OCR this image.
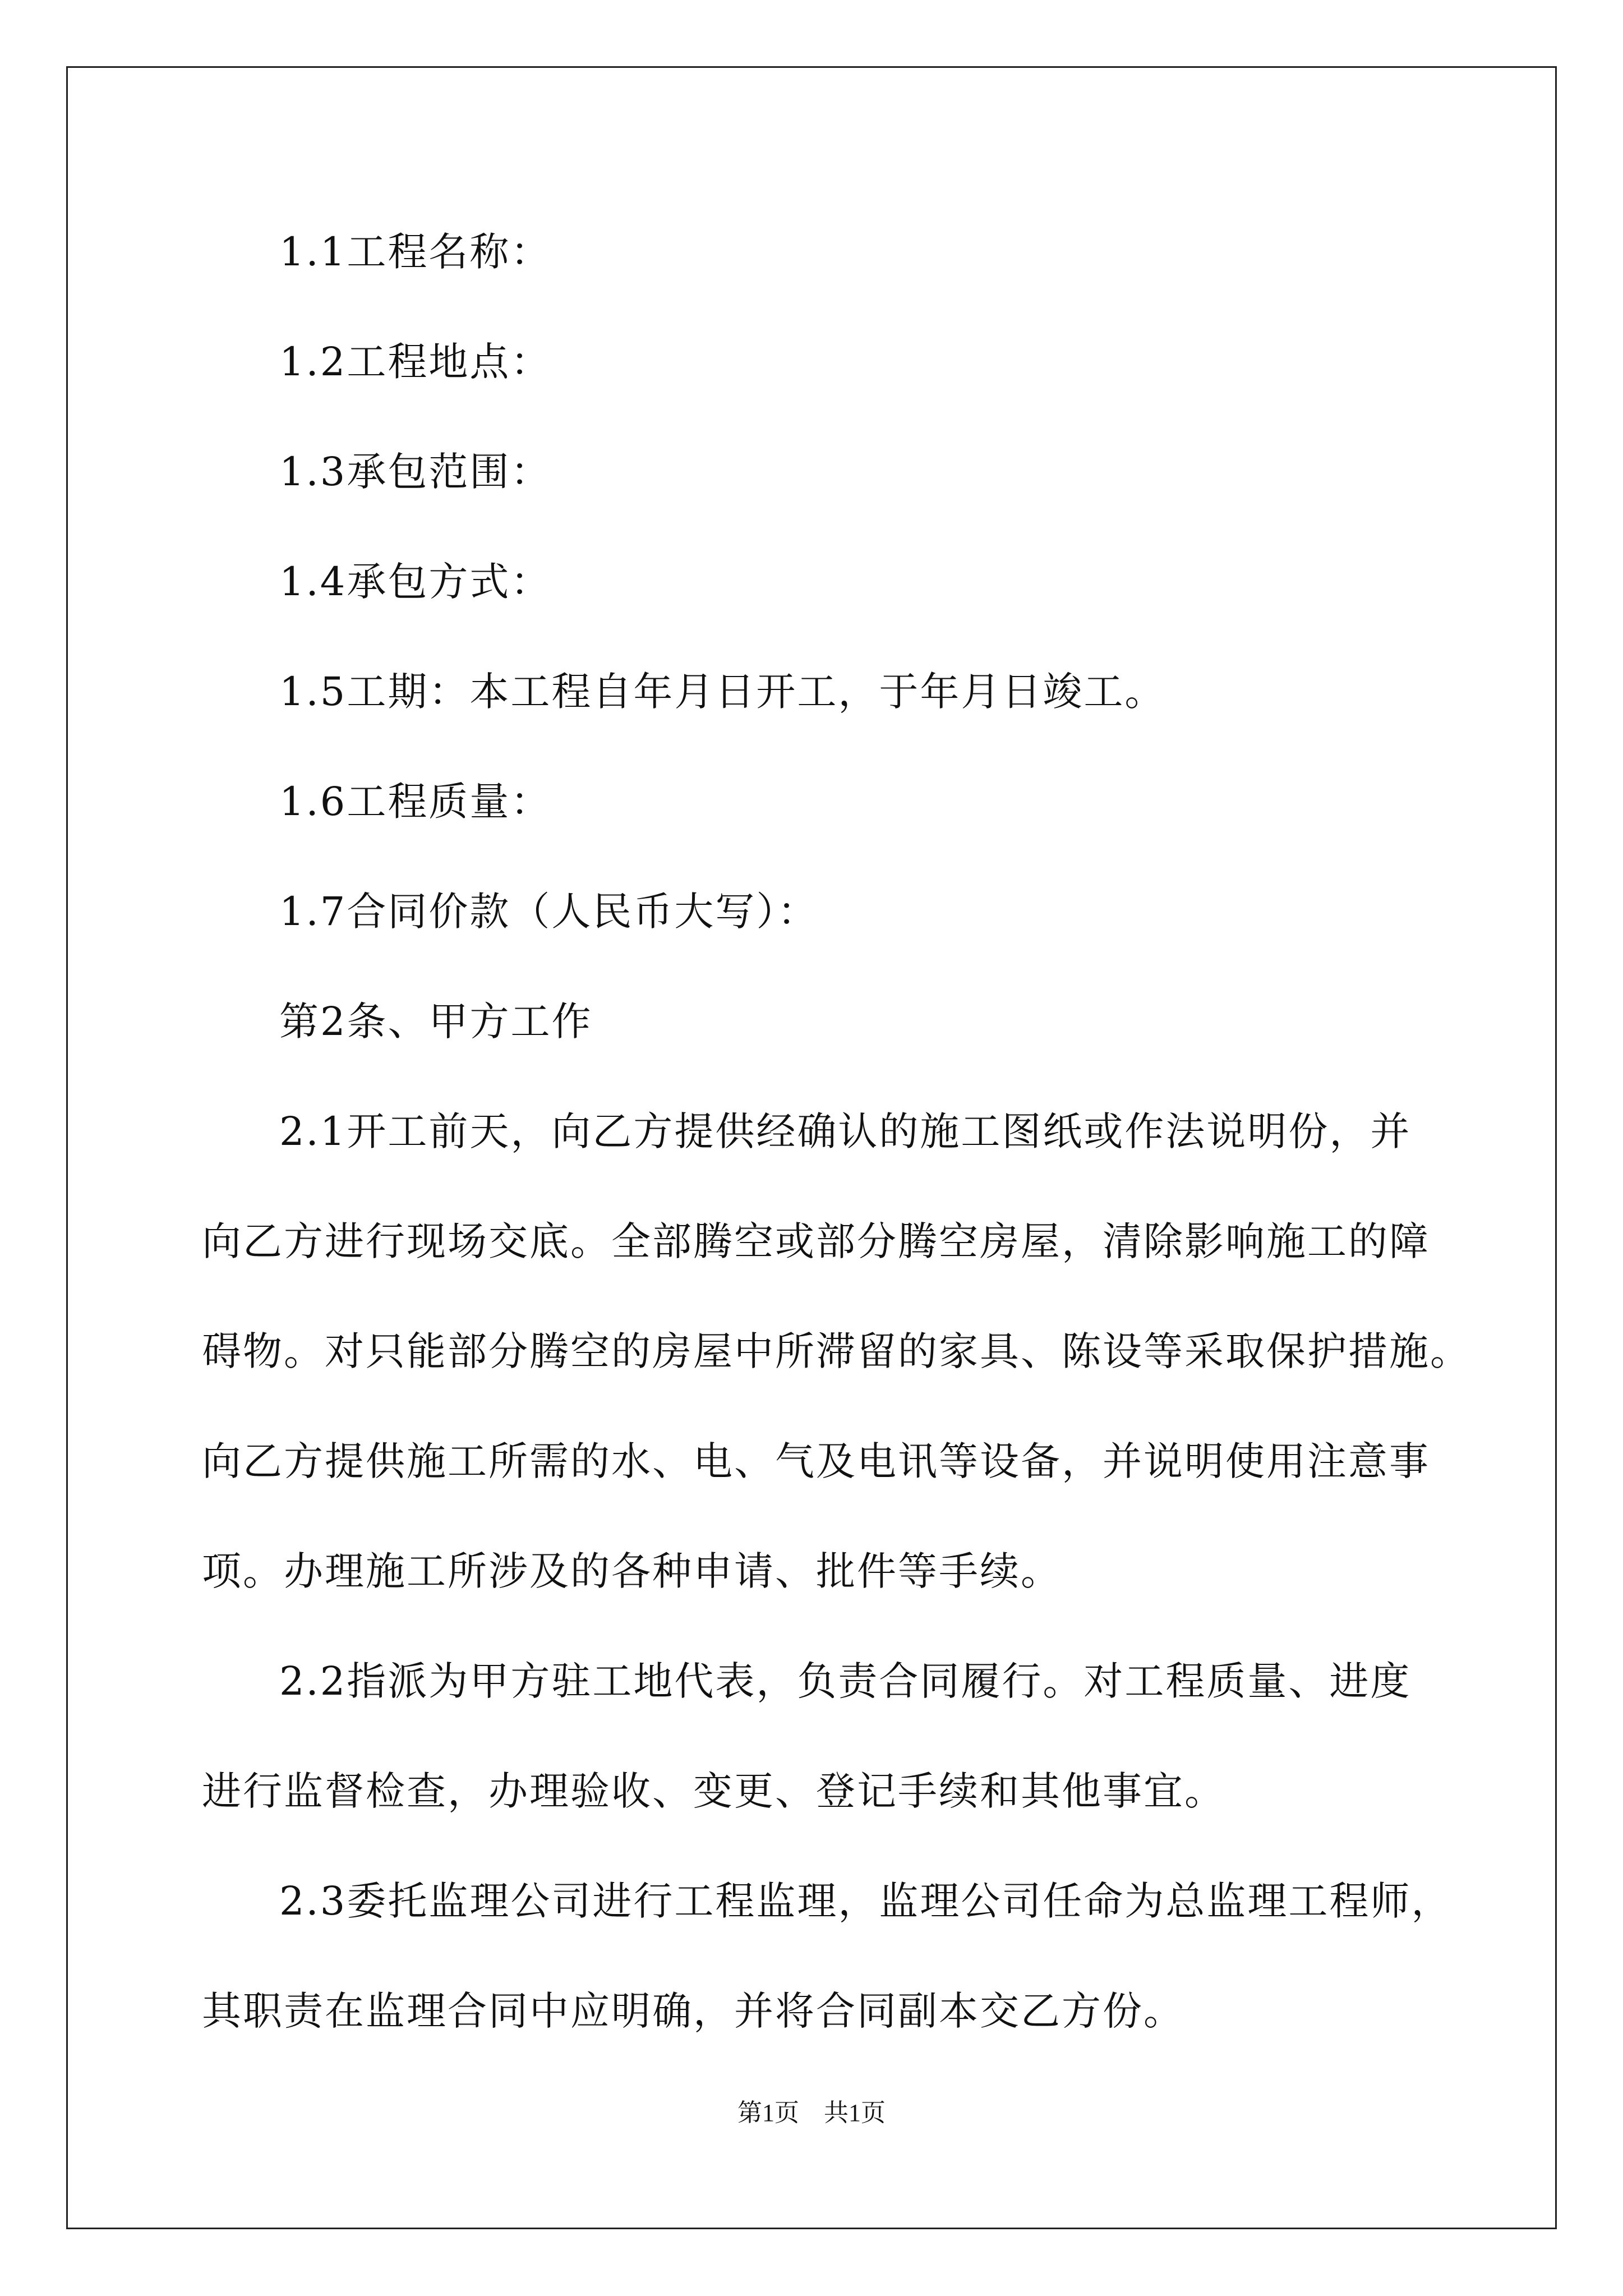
1.1工程名称：

1.2工程地点：

1.3承包范围：

1.4承包方式：

1.5工期：本工程自年月日开工，于年月日竣工。

1.6工程质量：

1.7合同价款（人民币大写）：

第2条、甲方工作

2.1开工前天，向乙方提供经确认的施工图纸或作法说明份，并

向乙方进行现场交底。全部腾空或部分腾空房屋，清除影响施工的障

碍物。对只能部分腾空的房屋中所滞留的家具、陈设等采取保护措施。

向乙方提供施工所需的水、电、气及电讯等设备，并说明使用注意事

项。办理施工所涉及的各种申请、批件等手续。

2.2指派为甲方驻工地代表，负责合同履行。对工程质量、进度

进行监督检查，办理验收、变更、登记手续和其他事宜。

2.3委托监理公司进行工程监理，监理公司任命为总监理工程师，

其职责在监理合同中应明确，并将合同副本交乙方份。

第1页　共1页
